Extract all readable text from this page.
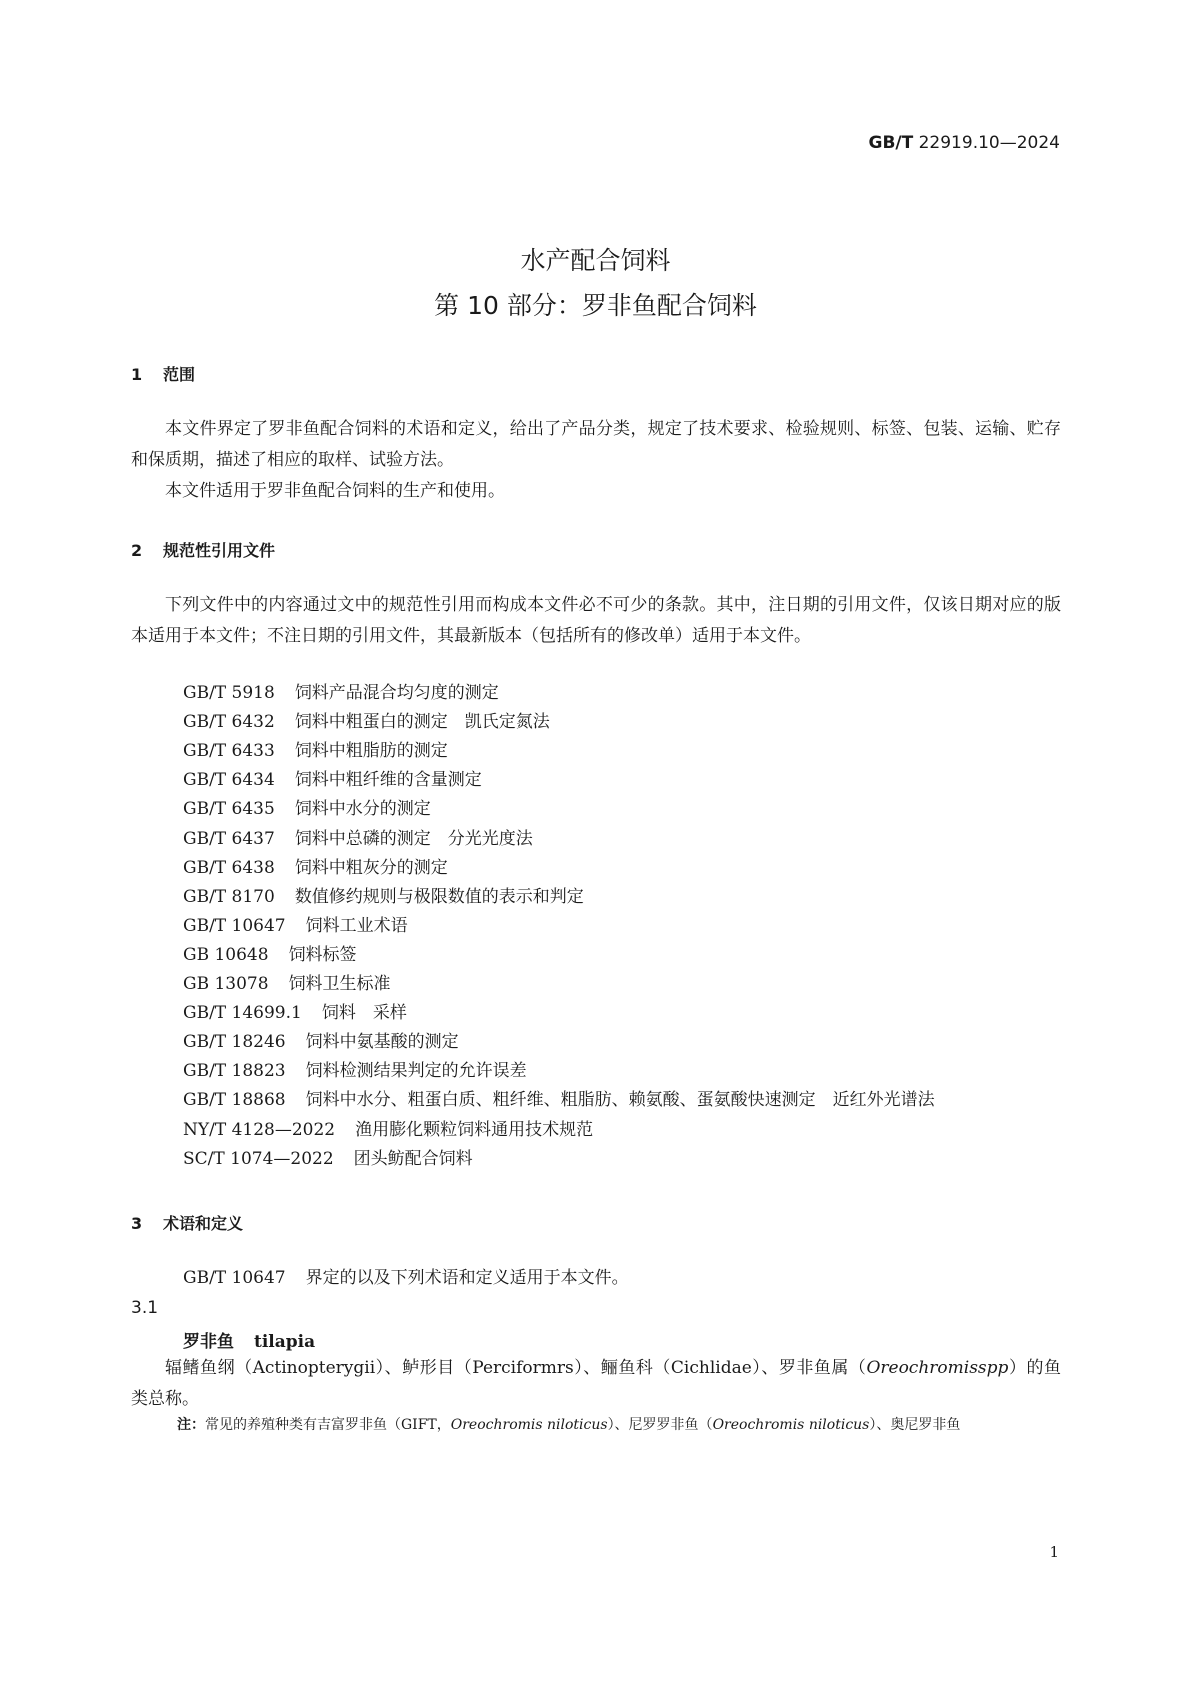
GB/T 22919.10—2024
水产配合饲料
第 10 部分：罗非鱼配合饲料
1 范围

本文件界定了罗非鱼配合饲料的术语和定义，给出了产品分类，规定了技术要求、检验规则、标签、包装、运输、贮存和保质期，描述了相应的取样、试验方法。

本文件适用于罗非鱼配合饲料的生产和使用。

2 规范性引用文件

下列文件中的内容通过文中的规范性引用而构成本文件必不可少的条款。其中，注日期的引用文件，仅该日期对应的版本适用于本文件；不注日期的引用文件，其最新版本（包括所有的修改单）适用于本文件。

GB/T 5918 饲料产品混合均匀度的测定
GB/T 6432 饲料中粗蛋白的测定　凯氏定氮法
GB/T 6433 饲料中粗脂肪的测定
GB/T 6434 饲料中粗纤维的含量测定
GB/T 6435 饲料中水分的测定
GB/T 6437 饲料中总磷的测定　分光光度法
GB/T 6438 饲料中粗灰分的测定
GB/T 8170 数值修约规则与极限数值的表示和判定
GB/T 10647 饲料工业术语
GB 10648 饲料标签
GB 13078 饲料卫生标准
GB/T 14699.1 饲料　采样
GB/T 18246 饲料中氨基酸的测定
GB/T 18823 饲料检测结果判定的允许误差
GB/T 18868 饲料中水分、粗蛋白质、粗纤维、粗脂肪、赖氨酸、蛋氨酸快速测定　近红外光谱法
NY/T 4128—2022 渔用膨化颗粒饲料通用技术规范
SC/T 1074—2022 团头鲂配合饲料
3 术语和定义
GB/T 10647 界定的以及下列术语和定义适用于本文件。
3.1
罗非鱼 tilapia

辐鳍鱼纲（Actinopterygii）、鲈形目（Perciformrs）、鲡鱼科（Cichlidae）、罗非鱼属（Oreochromisspp）的鱼类总称。

注：常见的养殖种类有吉富罗非鱼（GIFT，Oreochromis niloticus）、尼罗罗非鱼（Oreochromis niloticus）、奥尼罗非鱼
1
